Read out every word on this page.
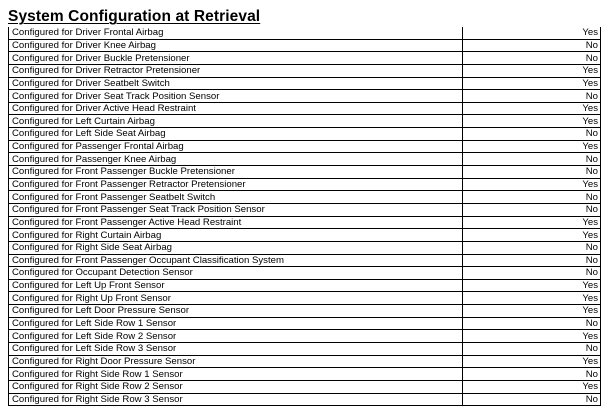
System Configuration at Retrieval
Configured for Driver Frontal Airbag	Yes
Configured for Driver Knee Airbag	No
Configured for Driver Buckle Pretensioner	No
Configured for Driver Retractor Pretensioner	Yes
Configured for Driver Seatbelt Switch	Yes
Configured for Driver Seat Track Position Sensor	No
Configured for Driver Active Head Restraint	Yes
Configured for Left Curtain Airbag	Yes
Configured for Left Side Seat Airbag	No
Configured for Passenger Frontal Airbag	Yes
Configured for Passenger Knee Airbag	No
Configured for Front Passenger Buckle Pretensioner	No
Configured for Front Passenger Retractor Pretensioner	Yes
Configured for Front Passenger Seatbelt Switch	No
Configured for Front Passenger Seat Track Position Sensor	No
Configured for Front Passenger Active Head Restraint	Yes
Configured for Right Curtain Airbag	Yes
Configured for Right Side Seat Airbag	No
Configured for Front Passenger Occupant Classification System	No
Configured for Occupant Detection Sensor	No
Configured for Left Up Front Sensor	Yes
Configured for Right Up Front Sensor	Yes
Configured for Left Door Pressure Sensor	Yes
Configured for Left Side Row 1 Sensor	No
Configured for Left Side Row 2 Sensor	Yes
Configured for Left Side Row 3 Sensor	No
Configured for Right Door Pressure Sensor	Yes
Configured for Right Side Row 1 Sensor	No
Configured for Right Side Row 2 Sensor	Yes
Configured for Right Side Row 3 Sensor	No
